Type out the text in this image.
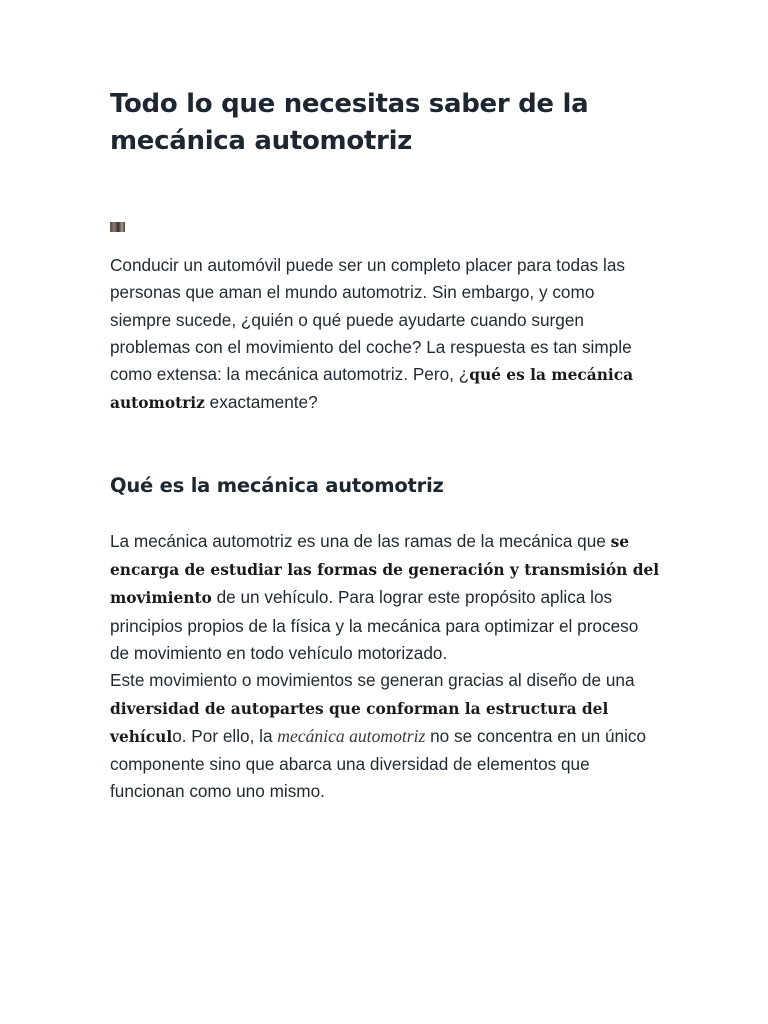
Todo lo que necesitas saber de la mecánica automotriz

Conducir un automóvil puede ser un completo placer para todas las personas que aman el mundo automotriz. Sin embargo, y como siempre sucede, ¿quién o qué puede ayudarte cuando surgen problemas con el movimiento del coche? La respuesta es tan simple como extensa: la mecánica automotriz. Pero, ¿qué es la mecánica automotriz exactamente?

Qué es la mecánica automotriz

La mecánica automotriz es una de las ramas de la mecánica que se encarga de estudiar las formas de generación y transmisión del movimiento de un vehículo. Para lograr este propósito aplica los principios propios de la física y la mecánica para optimizar el proceso de movimiento en todo vehículo motorizado.

Este movimiento o movimientos se generan gracias al diseño de una diversidad de autopartes que conforman la estructura del vehículo. Por ello, la mecánica automotriz no se concentra en un único componente sino que abarca una diversidad de elementos que funcionan como uno mismo.
